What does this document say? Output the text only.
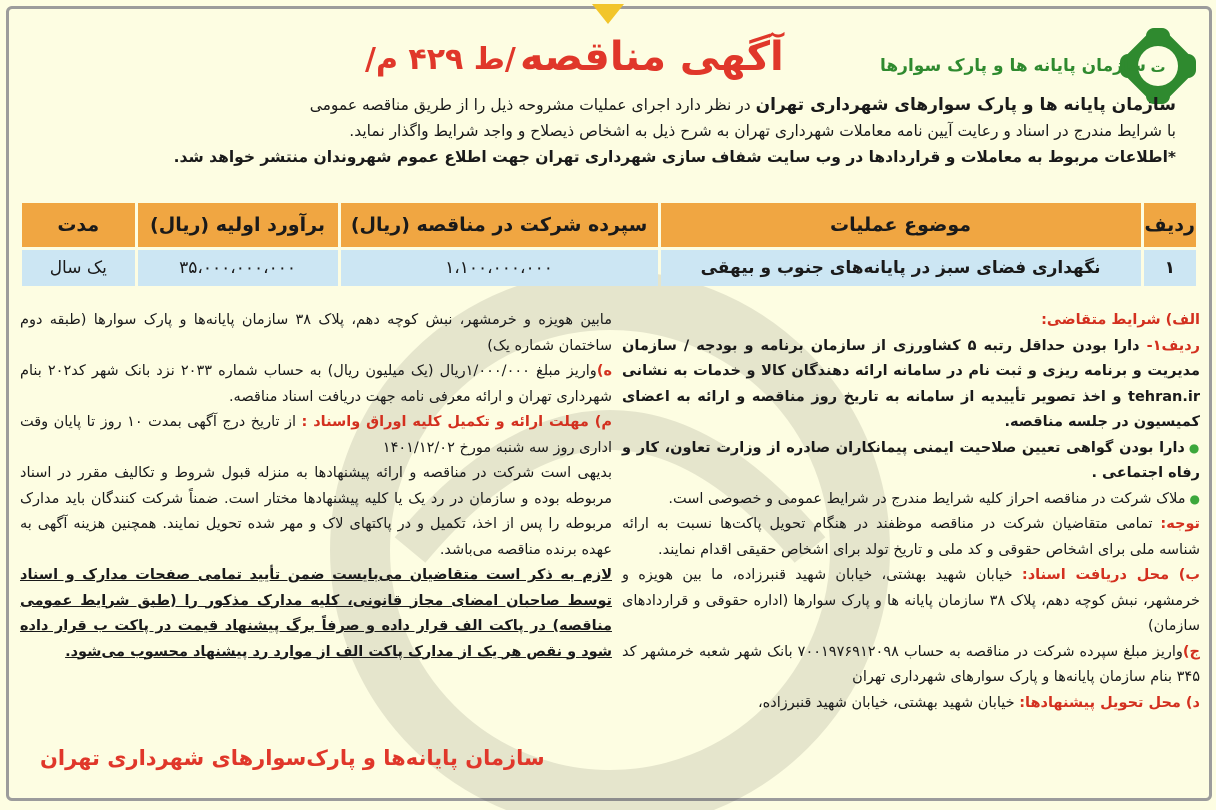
ت
سازمان پایانه ها و پارک سوارها
آگهی مناقصه
/ط ۴۲۹ م/
سازمان پایانه ها و پارک سوارهای شهرداری تهران در نظر دارد اجرای عملیات مشروحه ذیل را از طریق مناقصه عمومی
با شرایط مندرج در اسناد و رعایت آیین نامه معاملات شهرداری تهران به شرح ذیل به اشخاص ذیصلاح و واجد شرایط واگذار نماید.
*اطلاعات مربوط به معاملات و قراردادها در وب سایت شفاف سازی شهرداری تهران جهت اطلاع عموم شهروندان منتشر خواهد شد.
ردیف	موضوع عملیات	سپرده شرکت در مناقصه (ریال)	برآورد اولیه (ریال)	مدت
۱	نگهداری فضای سبز در پایانه‌های جنوب و بیهقی	۱،۱۰۰،۰۰۰،۰۰۰	۳۵،۰۰۰،۰۰۰،۰۰۰	یک سال

الف) شرایط متقاضی:

ردیف۱- دارا بودن حداقل رتبه ۵ کشاورزی از سازمان برنامه و بودجه / سازمان مدیریت و برنامه ریزی و ثبت نام در سامانه ارائه دهندگان کالا و خدمات به نشانی tehran.ir و اخذ تصویر تأییدیه از سامانه به تاریخ روز مناقصه و ارائه به اعضای کمیسیون در جلسه مناقصه.

● دارا بودن گواهی تعیین صلاحیت ایمنی پیمانکاران صادره از وزارت تعاون، کار و رفاه اجتماعی .

● ملاک شرکت در مناقصه احراز کلیه شرایط مندرج در شرایط عمومی و خصوصی است.

توجه: تمامی متقاضیان شرکت در مناقصه موظفند در هنگام تحویل پاکت‌ها نسبت به ارائه شناسه ملی برای اشخاص حقوقی و کد ملی و تاریخ تولد برای اشخاص حقیقی اقدام نمایند.

ب) محل دریافت اسناد: خیابان شهید بهشتی، خیابان شهید قنبرزاده، ما بین هویزه و خرمشهر، نبش کوچه دهم، پلاک ۳۸ سازمان پایانه ها و پارک سوارها (اداره حقوقی و قراردادهای سازمان)

ج)واریز مبلغ سپرده شرکت در مناقصه به حساب ۷۰۰۱۹۷۶۹۱۲۰۹۸ بانک شهر شعبه خرمشهر کد ۳۴۵ بنام سازمان پایانه‌ها و پارک سوارهای شهرداری تهران

د) محل تحویل پیشنهادها: خیابان شهید بهشتی، خیابان شهید قنبرزاده،

مابین هویزه و خرمشهر، نبش کوچه دهم، پلاک ۳۸ سازمان پایانه‌ها و پارک سوارها (طبقه دوم ساختمان شماره یک)

ه)واریز مبلغ ۱/۰۰۰/۰۰۰ریال (یک میلیون ریال) به حساب شماره ۲۰۳۳ نزد بانک شهر کد۲۰۲ بنام شهرداری تهران و ارائه معرفی نامه جهت دریافت اسناد مناقصه.

م) مهلت ارائه و تکمیل کلیه اوراق واسناد : از تاریخ درج آگهی بمدت ۱۰ روز تا پایان وقت اداری روز سه شنبه مورخ ۱۴۰۱/۱۲/۰۲

بدیهی است شرکت در مناقصه و ارائه پیشنهادها به منزله قبول شروط و تکالیف مقرر در اسناد مربوطه بوده و سازمان در رد یک یا کلیه پیشنهادها مختار است. ضمناً شرکت کنندگان باید مدارک مربوطه را پس از اخذ، تکمیل و در پاکتهای لاک و مهر شده تحویل نمایند. همچنین هزینه آگهی به عهده برنده مناقصه می‌باشد.

لازم به ذکر است متقاضیان می‌بایست ضمن تأیید تمامی صفحات مدارک و اسناد توسط صاحبان امضای مجاز قانونی، کلیه مدارک مذکور را (طبق شرایط عمومی مناقصه) در پاکت الف قرار داده و صرفاً برگ پیشنهاد قیمت در پاکت ب قرار داده شود و نقص هر یک از مدارک پاکت الف از موارد رد پیشنهاد محسوب می‌شود.

سازمان پایانه‌ها و پارک‌سوارهای شهرداری تهران
